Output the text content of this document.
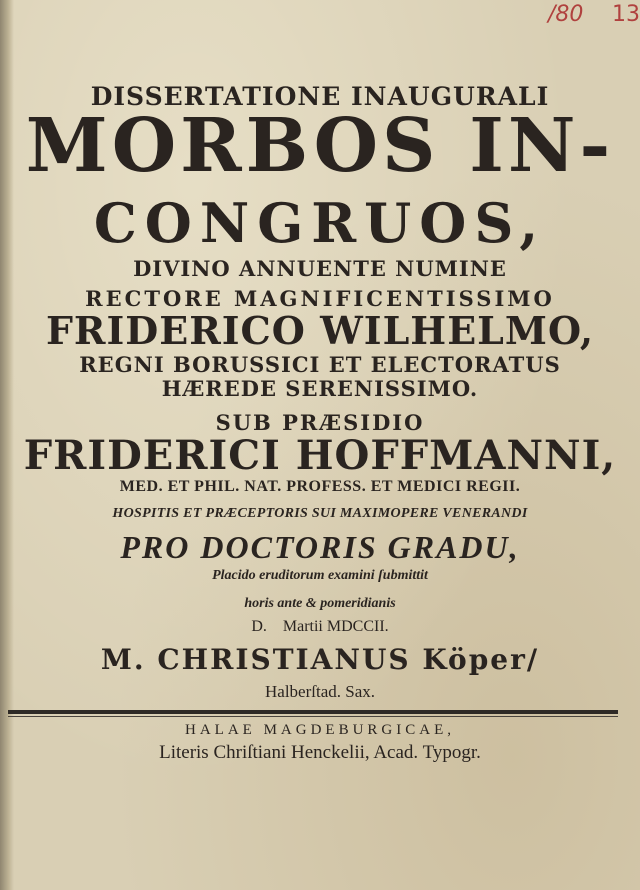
/80 13
DISSERTATIONE INAUGURALI
MORBOS IN-
CONGRUOS,
DIVINO ANNUENTE NUMINE
RECTORE MAGNIFICENTISSIMO
FRIDERICO WILHELMO,
REGNI BORUSSICI ET ELECTORATUS
HÆREDE SERENISSIMO.
SUB PRÆSIDIO
FRIDERICI HOFFMANNI,
MED. ET PHIL. NAT. PROFESS. ET MEDICI REGII.
HOSPITIS ET PRÆCEPTORIS SUI MAXIMOPERE VENERANDI
PRO DOCTORIS GRADU,
Placido eruditorum examini ſubmittit
horis ante & pomeridianis
D.    Martii MDCCII.
M. CHRISTIANUS Köper/
Halberſtad. Sax.
HALAE MAGDEBURGICAE,
Literis Chriſtiani Henckelii, Acad. Typogr.
